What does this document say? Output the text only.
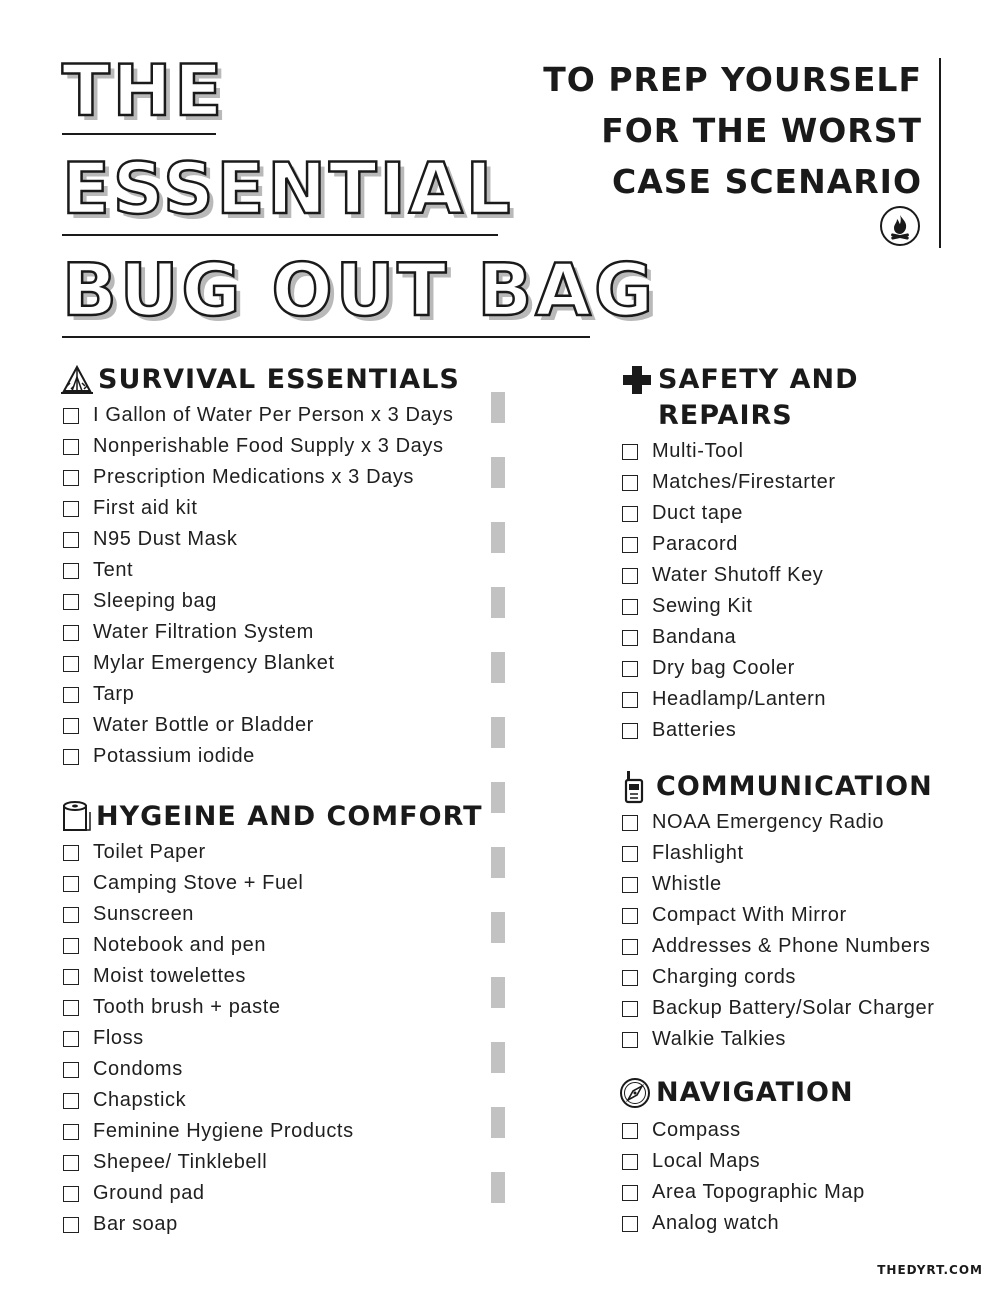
THE
ESSENTIAL
BUG OUT BAG
TO PREP YOURSELF
FOR THE WORST
CASE SCENARIO
SURVIVAL ESSENTIALS
I Gallon of Water Per Person x 3 Days
Nonperishable Food Supply x 3 Days
Prescription Medications x 3 Days
First aid kit
N95 Dust Mask
Tent
Sleeping bag
Water Filtration System
Mylar Emergency Blanket
Tarp
Water Bottle or Bladder
Potassium iodide
HYGEINE AND COMFORT
Toilet Paper
Camping Stove + Fuel
Sunscreen
Notebook and pen
Moist towelettes
Tooth brush + paste
Floss
Condoms
Chapstick
Feminine Hygiene Products
Shepee/ Tinklebell
Ground pad
Bar soap
SAFETY AND
REPAIRS
Multi-Tool
Matches/Firestarter
Duct tape
Paracord
Water Shutoff Key
Sewing Kit
Bandana
Dry bag Cooler
Headlamp/Lantern
Batteries
COMMUNICATION
NOAA Emergency Radio
Flashlight
Whistle
Compact With Mirror
Addresses & Phone Numbers
Charging cords
Backup Battery/Solar Charger
Walkie Talkies
NAVIGATION
Compass
Local Maps
Area Topographic Map
Analog watch
THEDYRT.COM
